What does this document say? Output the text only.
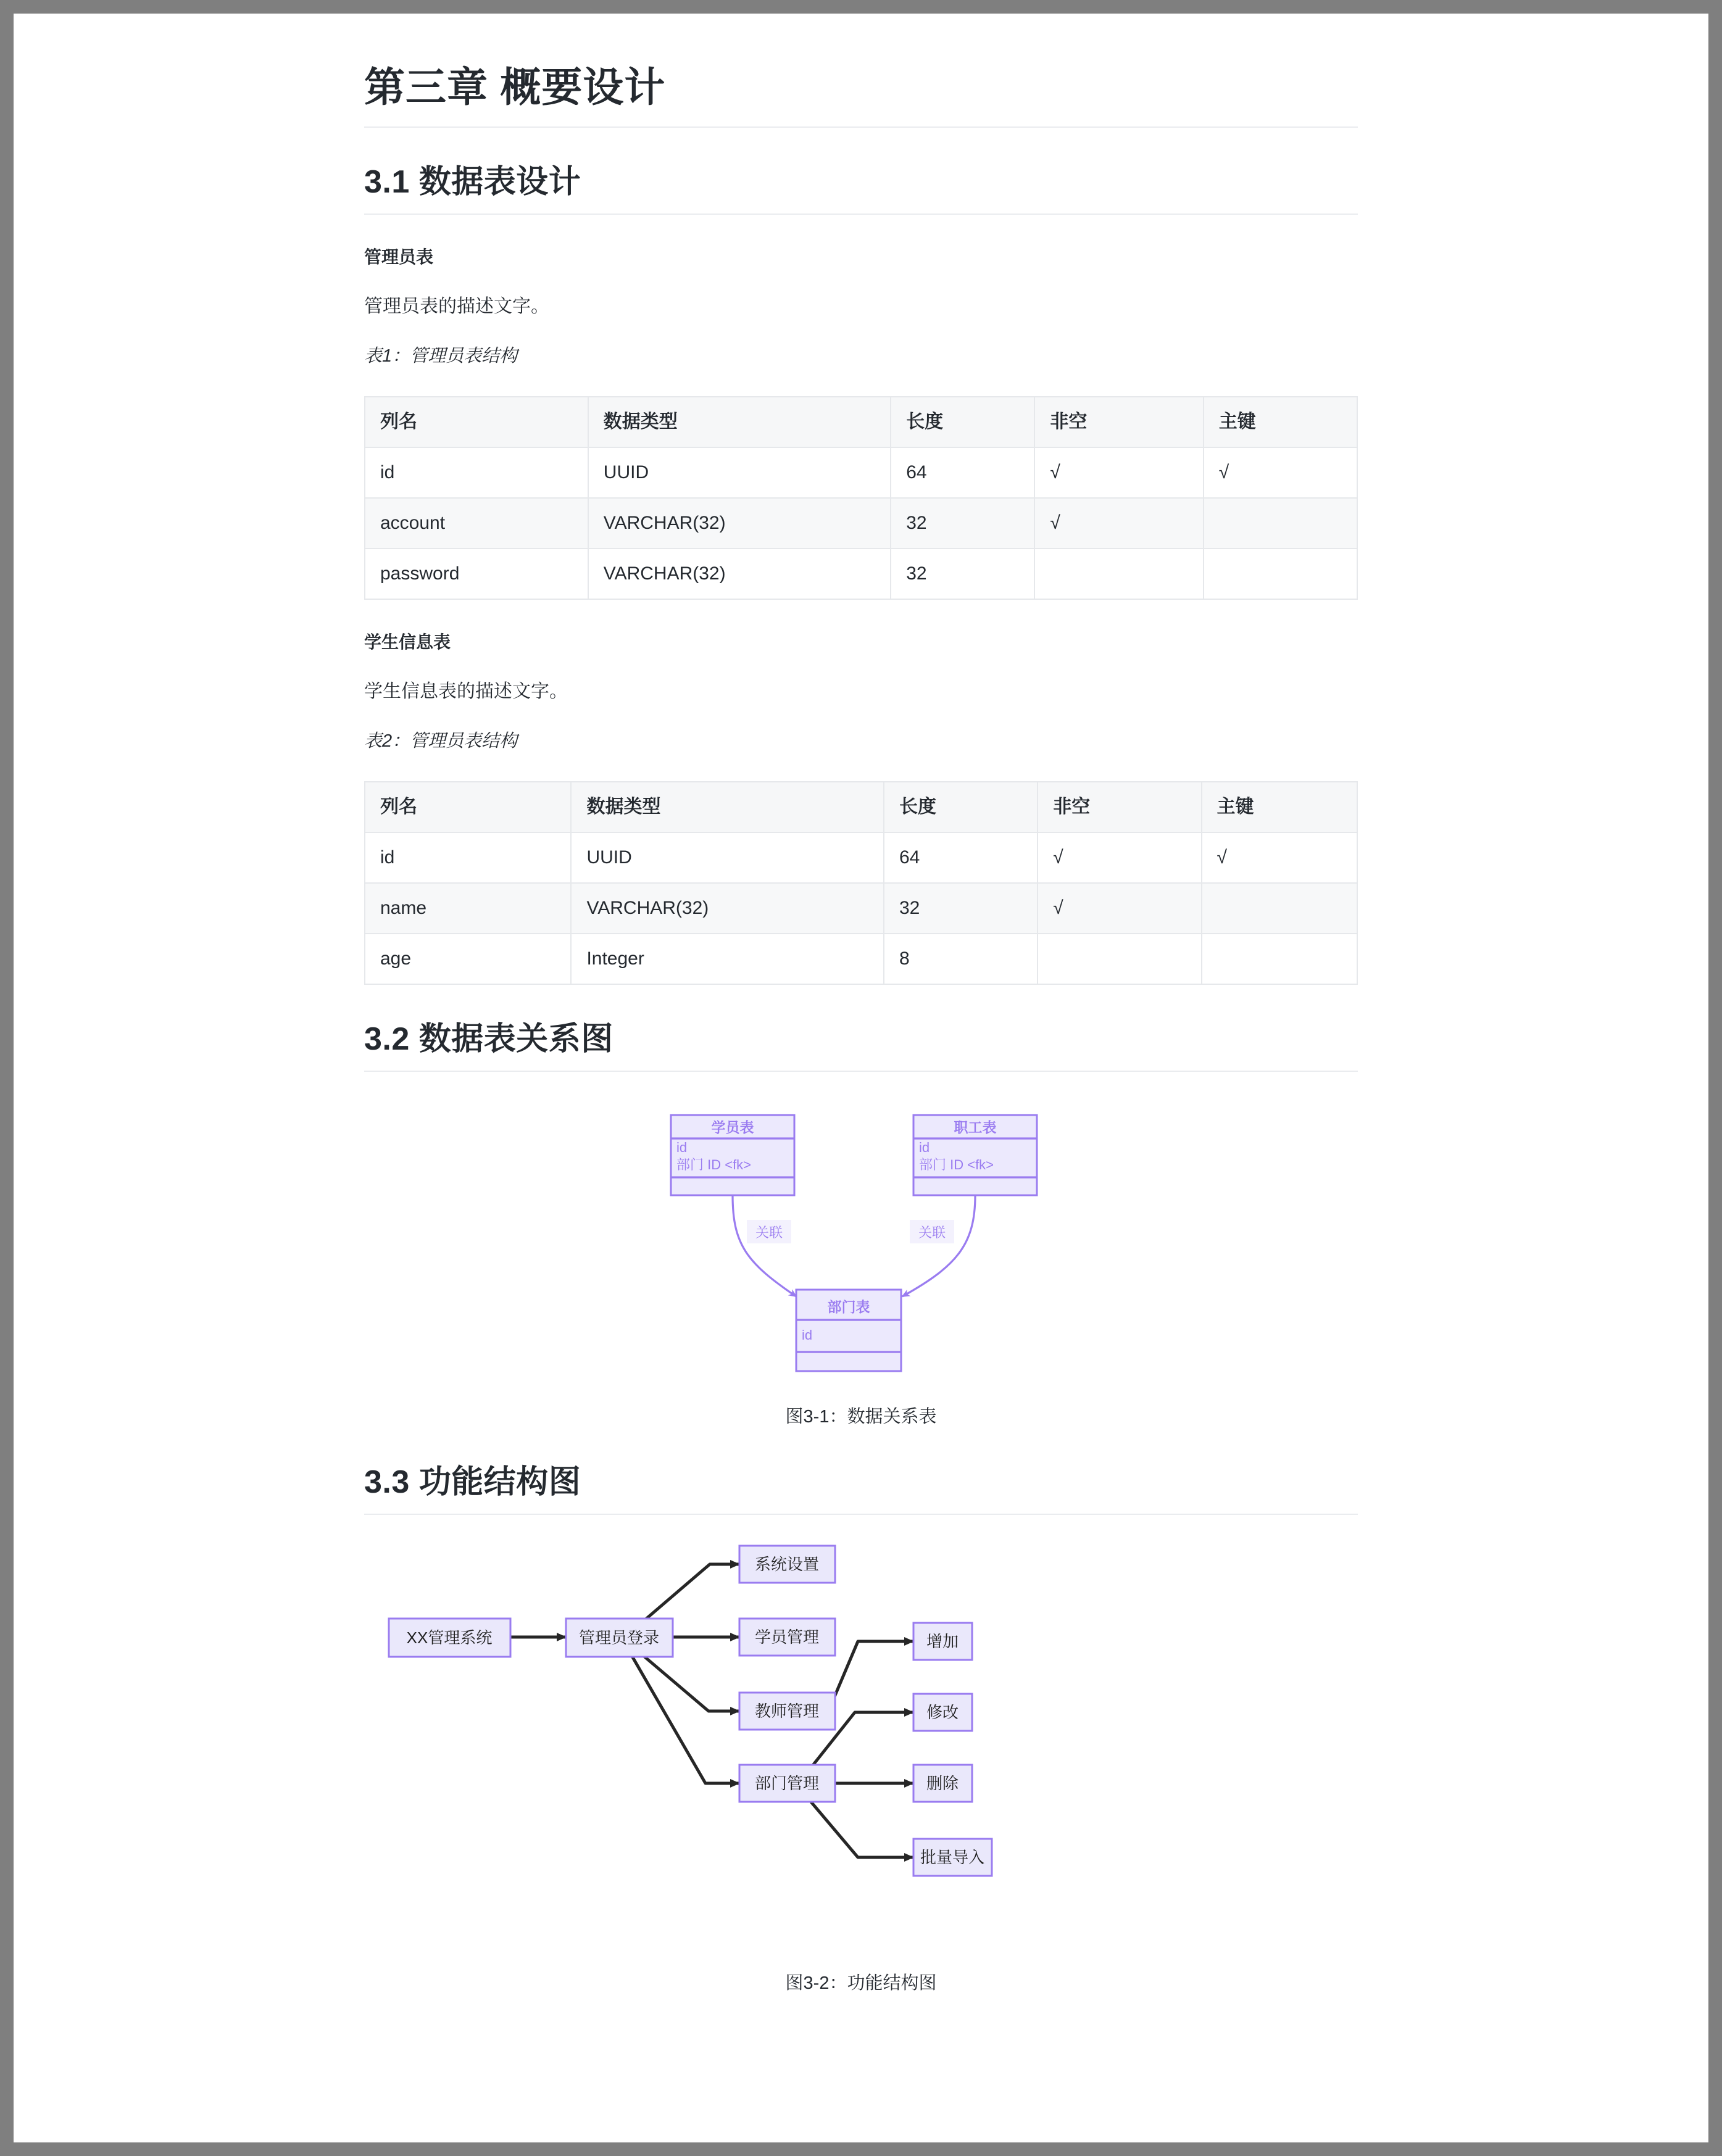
第三章 概要设计
3.1 数据表设计

管理员表

管理员表的描述文字。

表1：管理员表结构

列名	数据类型	长度	非空	主键
id	UUID	64	√	√
account	VARCHAR(32)	32	√	
password	VARCHAR(32)	32		

学生信息表

学生信息表的描述文字。

表2：管理员表结构

列名	数据类型	长度	非空	主键
id	UUID	64	√	√
name	VARCHAR(32)	32	√	
age	Integer	8		
3.2 数据表关系图
学员表
id
部门 ID <fk>
职工表
id
部门 ID <fk>
部门表
id
关联	关联
图3-1：数据关系表
3.3 功能结构图
XX管理系统	管理员登录
系统设置
学员管理
教师管理
部门管理
增加
修改
删除
批量导入
图3-2：功能结构图
